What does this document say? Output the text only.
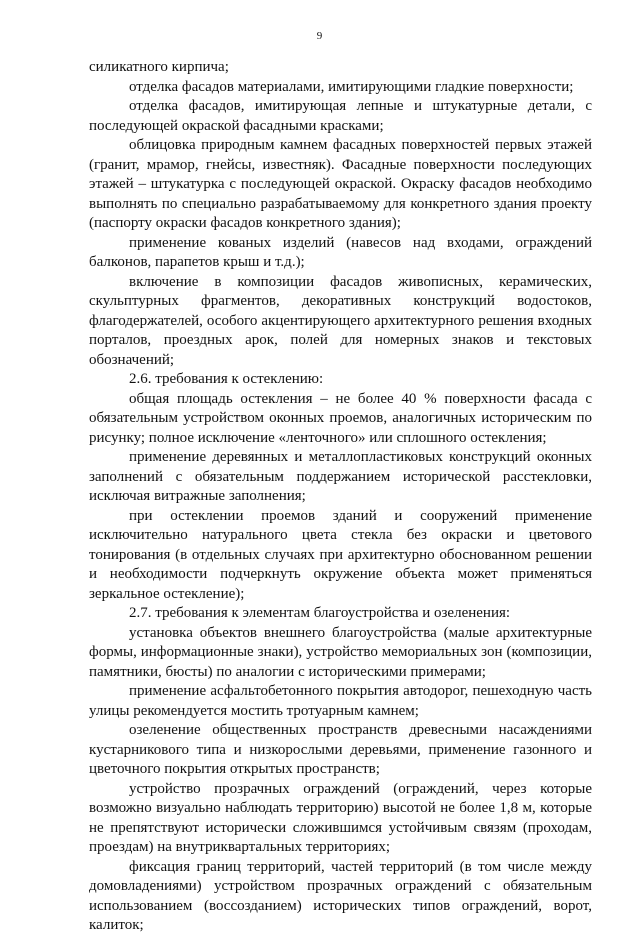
9

силикатного кирпича;

отделка фасадов материалами, имитирующими гладкие поверхности;

отделка фасадов, имитирующая лепные и штукатурные детали, с последующей окраской фасадными красками;

облицовка природным камнем фасадных поверхностей первых этажей (гранит, мрамор, гнейсы, известняк). Фасадные поверхности последующих этажей – штукатурка с последующей окраской. Окраску фасадов необходимо выполнять по специально разрабатываемому для конкретного здания проекту (паспорту окраски фасадов конкретного здания);

применение кованых изделий (навесов над входами, ограждений балконов, парапетов крыш и т.д.);

включение в композиции фасадов живописных, керамических, скульптурных фрагментов, декоративных конструкций водостоков, флагодержателей, особого акцентирующего архитектурного решения входных порталов, проездных арок, полей для номерных знаков и текстовых обозначений;

2.6. требования к остеклению:

общая площадь остекления – не более 40 % поверхности фасада с обязательным устройством оконных проемов, аналогичных историческим по рисунку; полное исключение «ленточного» или сплошного остекления;

применение деревянных и металлопластиковых конструкций оконных заполнений с обязательным поддержанием исторической расстекловки, исключая витражные заполнения;

при остеклении проемов зданий и сооружений применение исключительно натурального цвета стекла без окраски и цветового тонирования (в отдельных случаях при архитектурно обоснованном решении и необходимости подчеркнуть окружение объекта может применяться зеркальное остекление);

2.7. требования к элементам благоустройства и озеленения:

установка объектов внешнего благоустройства (малые архитектурные формы, информационные знаки), устройство мемориальных зон (композиции, памятники, бюсты) по аналогии с историческими примерами;

применение асфальтобетонного покрытия автодорог, пешеходную часть улицы рекомендуется мостить тротуарным камнем;

озеленение общественных пространств древесными насаждениями кустарникового типа и низкорослыми деревьями, применение газонного и цветочного покрытия открытых пространств;

устройство прозрачных ограждений (ограждений, через которые возможно визуально наблюдать территорию) высотой не более 1,8 м, которые не препятствуют исторически сложившимся устойчивым связям (проходам, проездам) на внутриквартальных территориях;

фиксация границ территорий, частей территорий (в том числе между домовладениями) устройством прозрачных ограждений с обязательным использованием (воссозданием) исторических типов ограждений, ворот, калиток;
